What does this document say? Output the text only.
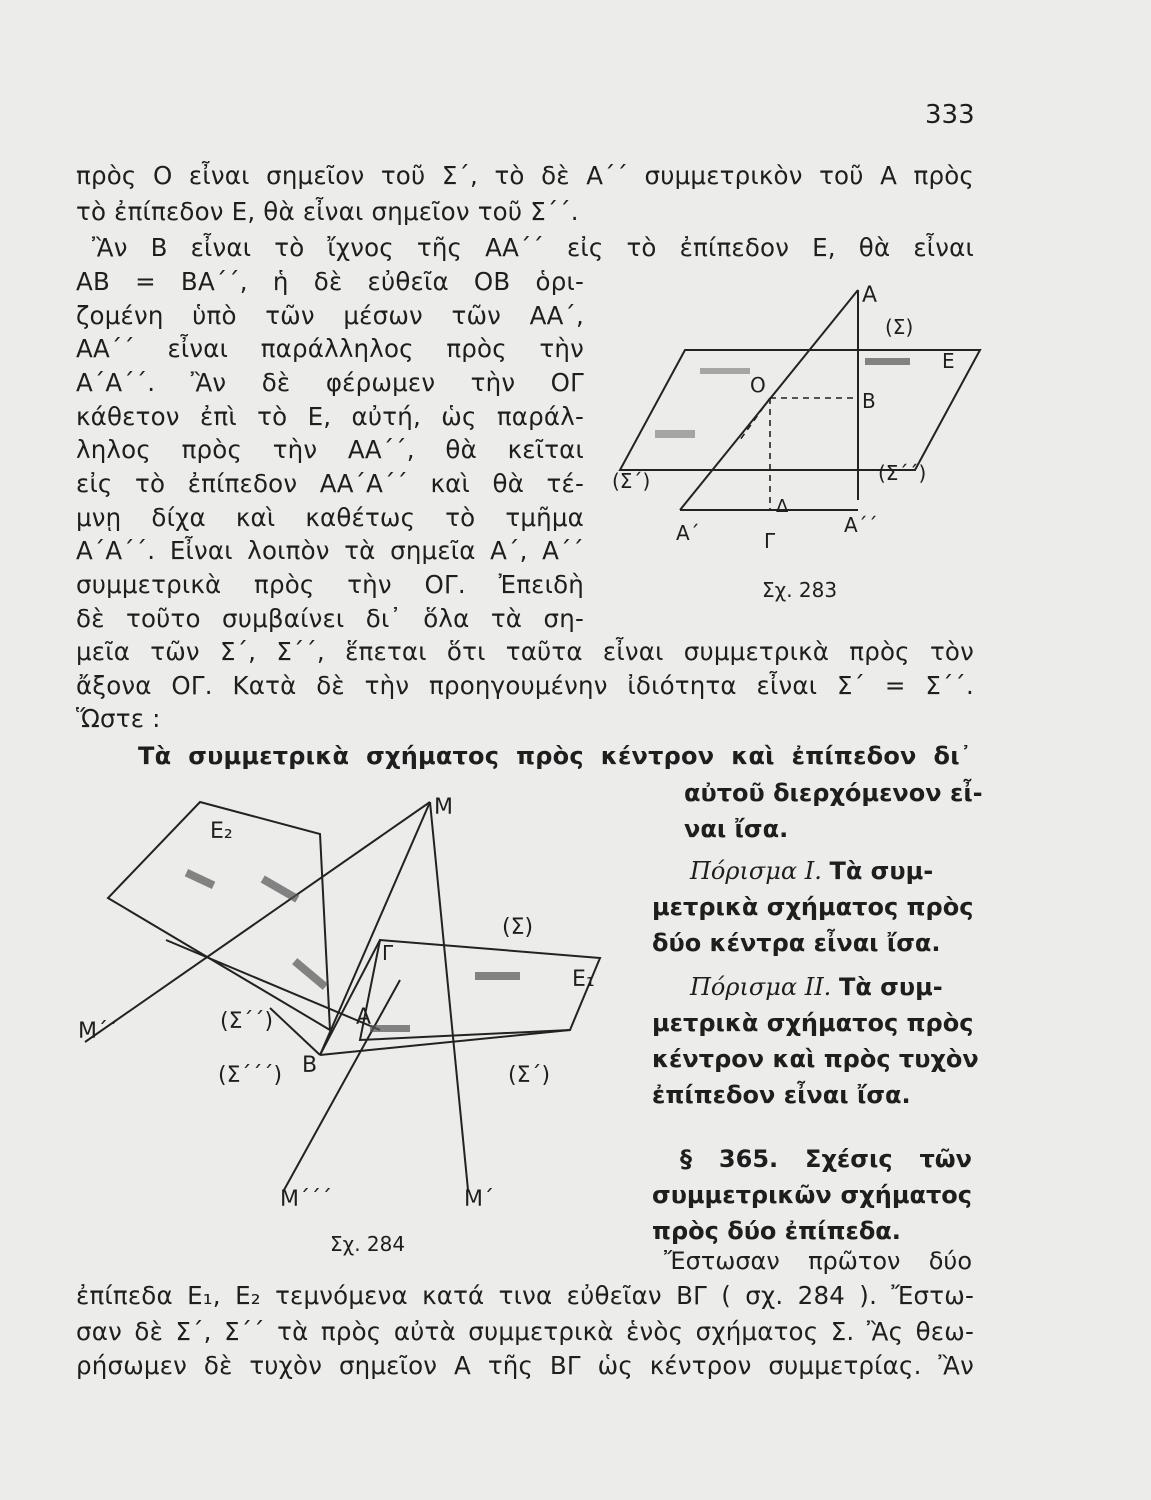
333
πρὸς Ο εἶναι σημεῖον τοῦ Σ΄, τὸ δὲ Α΄΄ συμμετρικὸν τοῦ Α πρὸς
τὸ ἐπίπεδον Ε, θὰ εἶναι σημεῖον τοῦ Σ΄΄.
Ἂν Β εἶναι τὸ ἴχνος τῆς ΑΑ΄΄ εἰς τὸ ἐπίπεδον Ε, θὰ εἶναι
ΑΒ = ΒΑ΄΄, ἡ δὲ εὐθεῖα ΟΒ ὁρι-
ζομένη ὑπὸ τῶν μέσων τῶν ΑΑ΄,
ΑΑ΄΄ εἶναι παράλληλος πρὸς τὴν
Α΄Α΄΄. Ἂν δὲ φέρωμεν τὴν ΟΓ
κάθετον ἐπὶ τὸ Ε, αὐτή, ὡς παράλ-
ληλος πρὸς τὴν ΑΑ΄΄, θὰ κεῖται
εἰς τὸ ἐπίπεδον ΑΑ΄Α΄΄ καὶ θὰ τέ-
μνῃ δίχα καὶ καθέτως τὸ τμῆμα
Α΄Α΄΄. Εἶναι λοιπὸν τὰ σημεῖα Α΄, Α΄΄
συμμετρικὰ πρὸς τὴν ΟΓ. Ἐπειδὴ
δὲ τοῦτο συμβαίνει δι᾽ ὅλα τὰ ση-
μεῖα τῶν Σ΄, Σ΄΄, ἕπεται ὅτι ταῦτα εἶναι συμμετρικὰ πρὸς τὸν
ἄξονα ΟΓ. Κατὰ δὲ τὴν προηγουμένην ἰδιότητα εἶναι Σ΄ = Σ΄΄.
Ὥστε :
Τὰ συμμετρικὰ σχήματος πρὸς κέντρον καὶ ἐπίπεδον δι᾽
αὐτοῦ διερχόμενον εἶ-
ναι ἴσα.
Πόρισμα Ι. Τὰ συμ-
μετρικὰ σχήματος πρὸς
δύο κέντρα εἶναι ἴσα.
Πόρισμα ΙΙ. Τὰ συμ-
μετρικὰ σχήματος πρὸς
κέντρον καὶ πρὸς τυχὸν
ἐπίπεδον εἶναι ἴσα.
§ 365. Σχέσις τῶν
συμμετρικῶν σχήματος
πρὸς δύο ἐπίπεδα.
Ἔστωσαν πρῶτον δύο
ἐπίπεδα Ε₁, Ε₂ τεμνόμενα κατά τινα εὐθεῖαν ΒΓ ( σχ. 284 ). Ἔστω-
σαν δὲ Σ΄, Σ΄΄ τὰ πρὸς αὐτὰ συμμετρικὰ ἑνὸς σχήματος Σ. Ἂς θεω-
ρήσωμεν δὲ τυχὸν σημεῖον Α τῆς ΒΓ ὡς κέντρον συμμετρίας. Ἂν
Α
(Σ)
Ε
Ο
Β
(Σ΄)	(Σ΄΄)
Δ
Α΄	Α΄΄
Γ
Σχ. 283
Ε₂
Μ
(Σ)
Γ
Ε₁
Μ΄΄	(Σ΄΄)	Α
Β
(Σ΄΄΄)	(Σ΄)
Μ΄΄΄	Μ΄
Σχ. 284
